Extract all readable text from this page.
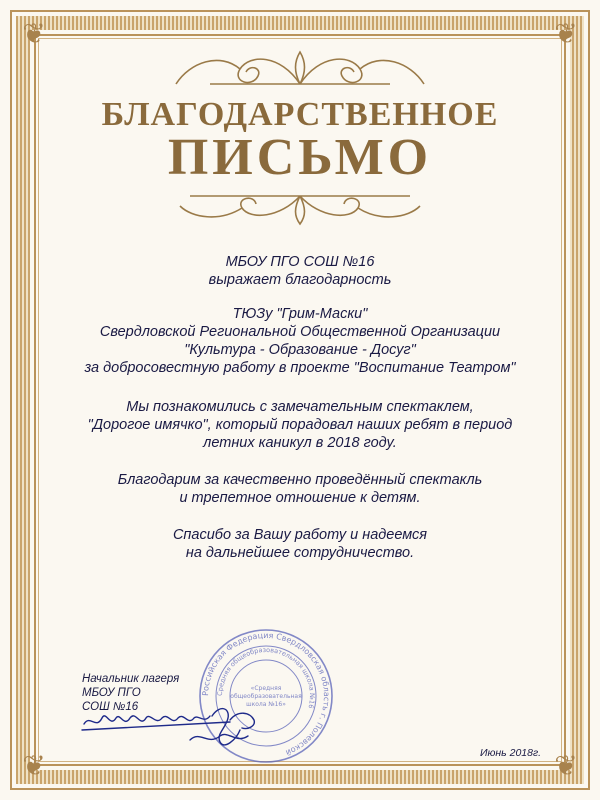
❦	❦
❦	❦
БЛАГОДАРСТВЕННОЕ
ПИСЬМО
МБОУ ПГО СОШ №16
выражает благодарность
ТЮЗу "Грим-Маски"
Свердловской Региональной Общественной Организации
"Культура - Образование - Досуг"
за добросовестную работу в проекте "Воспитание Театром"
Мы познакомились с замечательным спектаклем,
"Дорогое имячко", который порадовал наших ребят в период
летних каникул в 2018 году.
Благодарим за качественно проведённый спектакль
и трепетное отношение к детям.
Спасибо за Вашу работу и надеемся
на дальнейшее сотрудничество.
Российская Федерация Свердловская область г. Полевской
Средняя общеобразовательная школа №16
«Средняя
общеобразовательная
школа №16»
Начальник лагеря
МБОУ ПГО
СОШ №16
Июнь 2018г.
